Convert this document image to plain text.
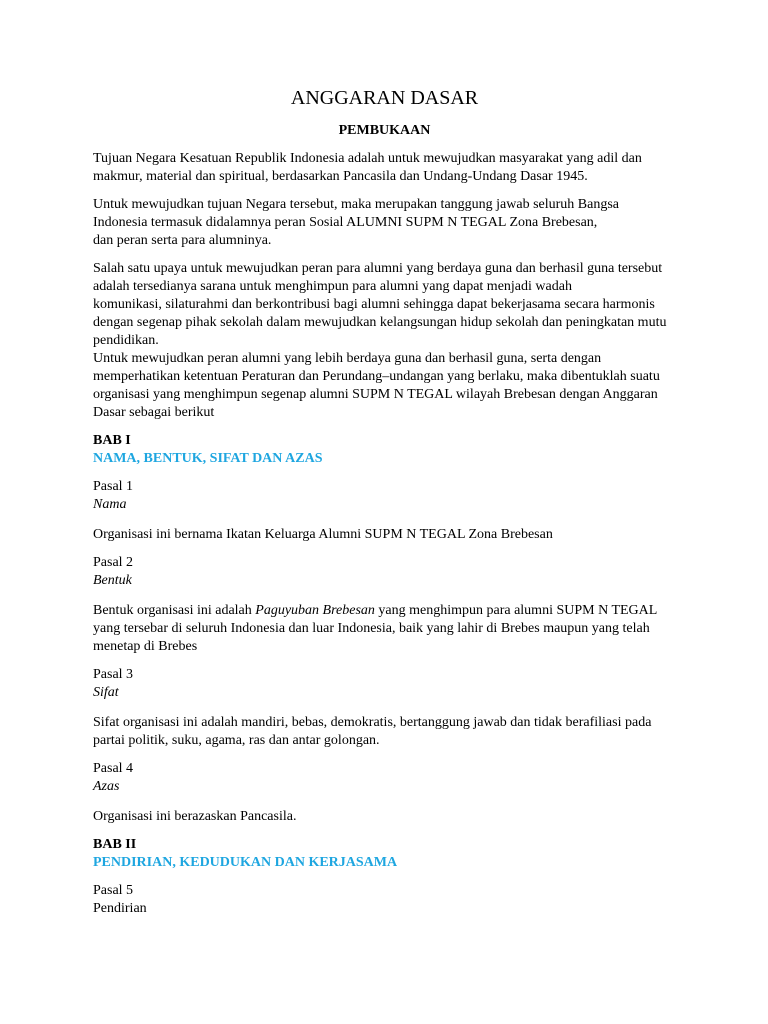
ANGGARAN DASAR
PEMBUKAAN

Tujuan Negara Kesatuan Republik Indonesia adalah untuk mewujudkan masyarakat yang adil dan
makmur, material dan spiritual, berdasarkan Pancasila dan Undang-Undang Dasar 1945.

Untuk mewujudkan tujuan Negara tersebut, maka merupakan tanggung jawab seluruh Bangsa
Indonesia termasuk didalamnya peran Sosial ALUMNI SUPM N TEGAL Zona Brebesan,
dan peran serta para alumninya.

Salah satu upaya untuk mewujudkan peran para alumni yang berdaya guna dan berhasil guna tersebut
adalah tersedianya sarana untuk menghimpun para alumni yang dapat menjadi wadah
komunikasi, silaturahmi dan berkontribusi bagi alumni sehingga dapat bekerjasama secara harmonis
dengan segenap pihak sekolah dalam mewujudkan kelangsungan hidup sekolah dan peningkatan mutu
pendidikan.

Untuk mewujudkan peran alumni yang lebih berdaya guna dan berhasil guna, serta dengan
memperhatikan ketentuan Peraturan dan Perundang–undangan yang berlaku, maka dibentuklah suatu
organisasi yang menghimpun segenap alumni SUPM N TEGAL wilayah Brebesan dengan Anggaran
Dasar sebagai berikut

BAB I
NAMA, BENTUK, SIFAT DAN AZAS
Pasal 1
Nama

Organisasi ini bernama Ikatan Keluarga Alumni SUPM N TEGAL Zona Brebesan

Pasal 2
Bentuk

Bentuk organisasi ini adalah Paguyuban Brebesan yang menghimpun para alumni SUPM N TEGAL
yang tersebar di seluruh Indonesia dan luar Indonesia, baik yang lahir di Brebes maupun yang telah
menetap di Brebes

Pasal 3
Sifat

Sifat organisasi ini adalah mandiri, bebas, demokratis, bertanggung jawab dan tidak berafiliasi pada
partai politik, suku, agama, ras dan antar golongan.

Pasal 4
Azas

Organisasi ini berazaskan Pancasila.

BAB II
PENDIRIAN, KEDUDUKAN DAN KERJASAMA
Pasal 5
Pendirian
